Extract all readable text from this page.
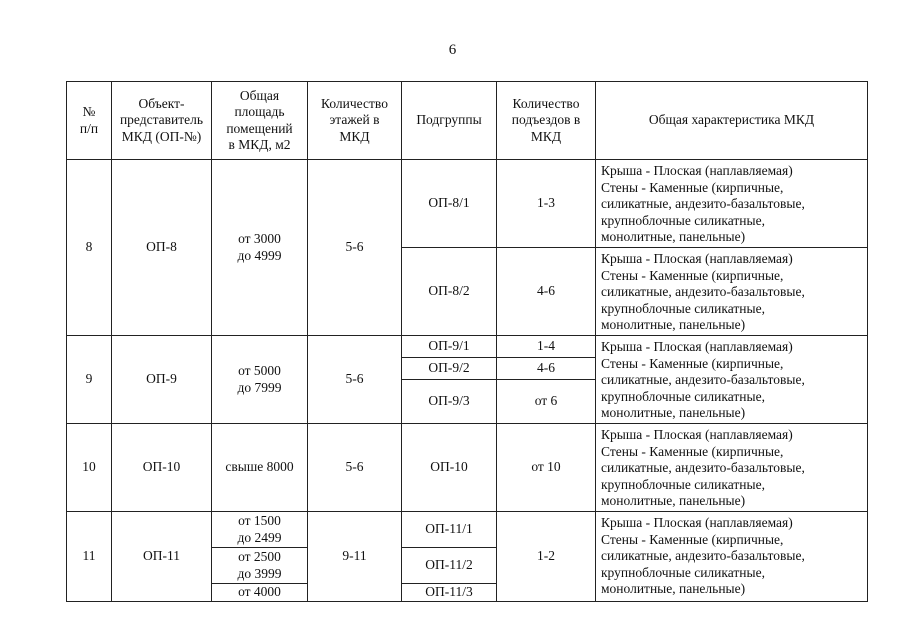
6
№
п/п	Объект-
представитель
МКД (ОП-№)	Общая
площадь
помещений
в МКД, м2	Количество
этажей в
МКД	Подгруппы	Количество
подъездов в
МКД	Общая характеристика МКД

8	ОП-8	от 3000
до 4999	5-6	ОП-8/1	1-3	Крыша - Плоская (наплавляемая)
Стены - Каменные (кирпичные,
силикатные, андезито-базальтовые,
крупноблочные силикатные,
монолитные, панельные)

				ОП-8/2	4-6	Крыша - Плоская (наплавляемая)
Стены - Каменные (кирпичные,
силикатные, андезито-базальтовые,
крупноблочные силикатные,
монолитные, панельные)

9	ОП-9	от 5000
до 7999	5-6	ОП-9/1	1-4	Крыша - Плоская (наплавляемая)
Стены - Каменные (кирпичные,
силикатные, андезито-базальтовые,
крупноблочные силикатные,
монолитные, панельные)

				ОП-9/2	4-6	
				ОП-9/3	от 6	
10	ОП-10	свыше 8000	5-6	ОП-10	от 10	Крыша - Плоская (наплавляемая)
Стены - Каменные (кирпичные,
силикатные, андезито-базальтовые,
крупноблочные силикатные,
монолитные, панельные)

11	ОП-11	от 1500
до 2499	9-11	ОП-11/1	1-2	Крыша - Плоская (наплавляемая)
Стены - Каменные (кирпичные,
силикатные, андезито-базальтовые,
крупноблочные силикатные,
монолитные, панельные)

		от 2500
до 3999		ОП-11/2		

		от 4000		ОП-11/3		
